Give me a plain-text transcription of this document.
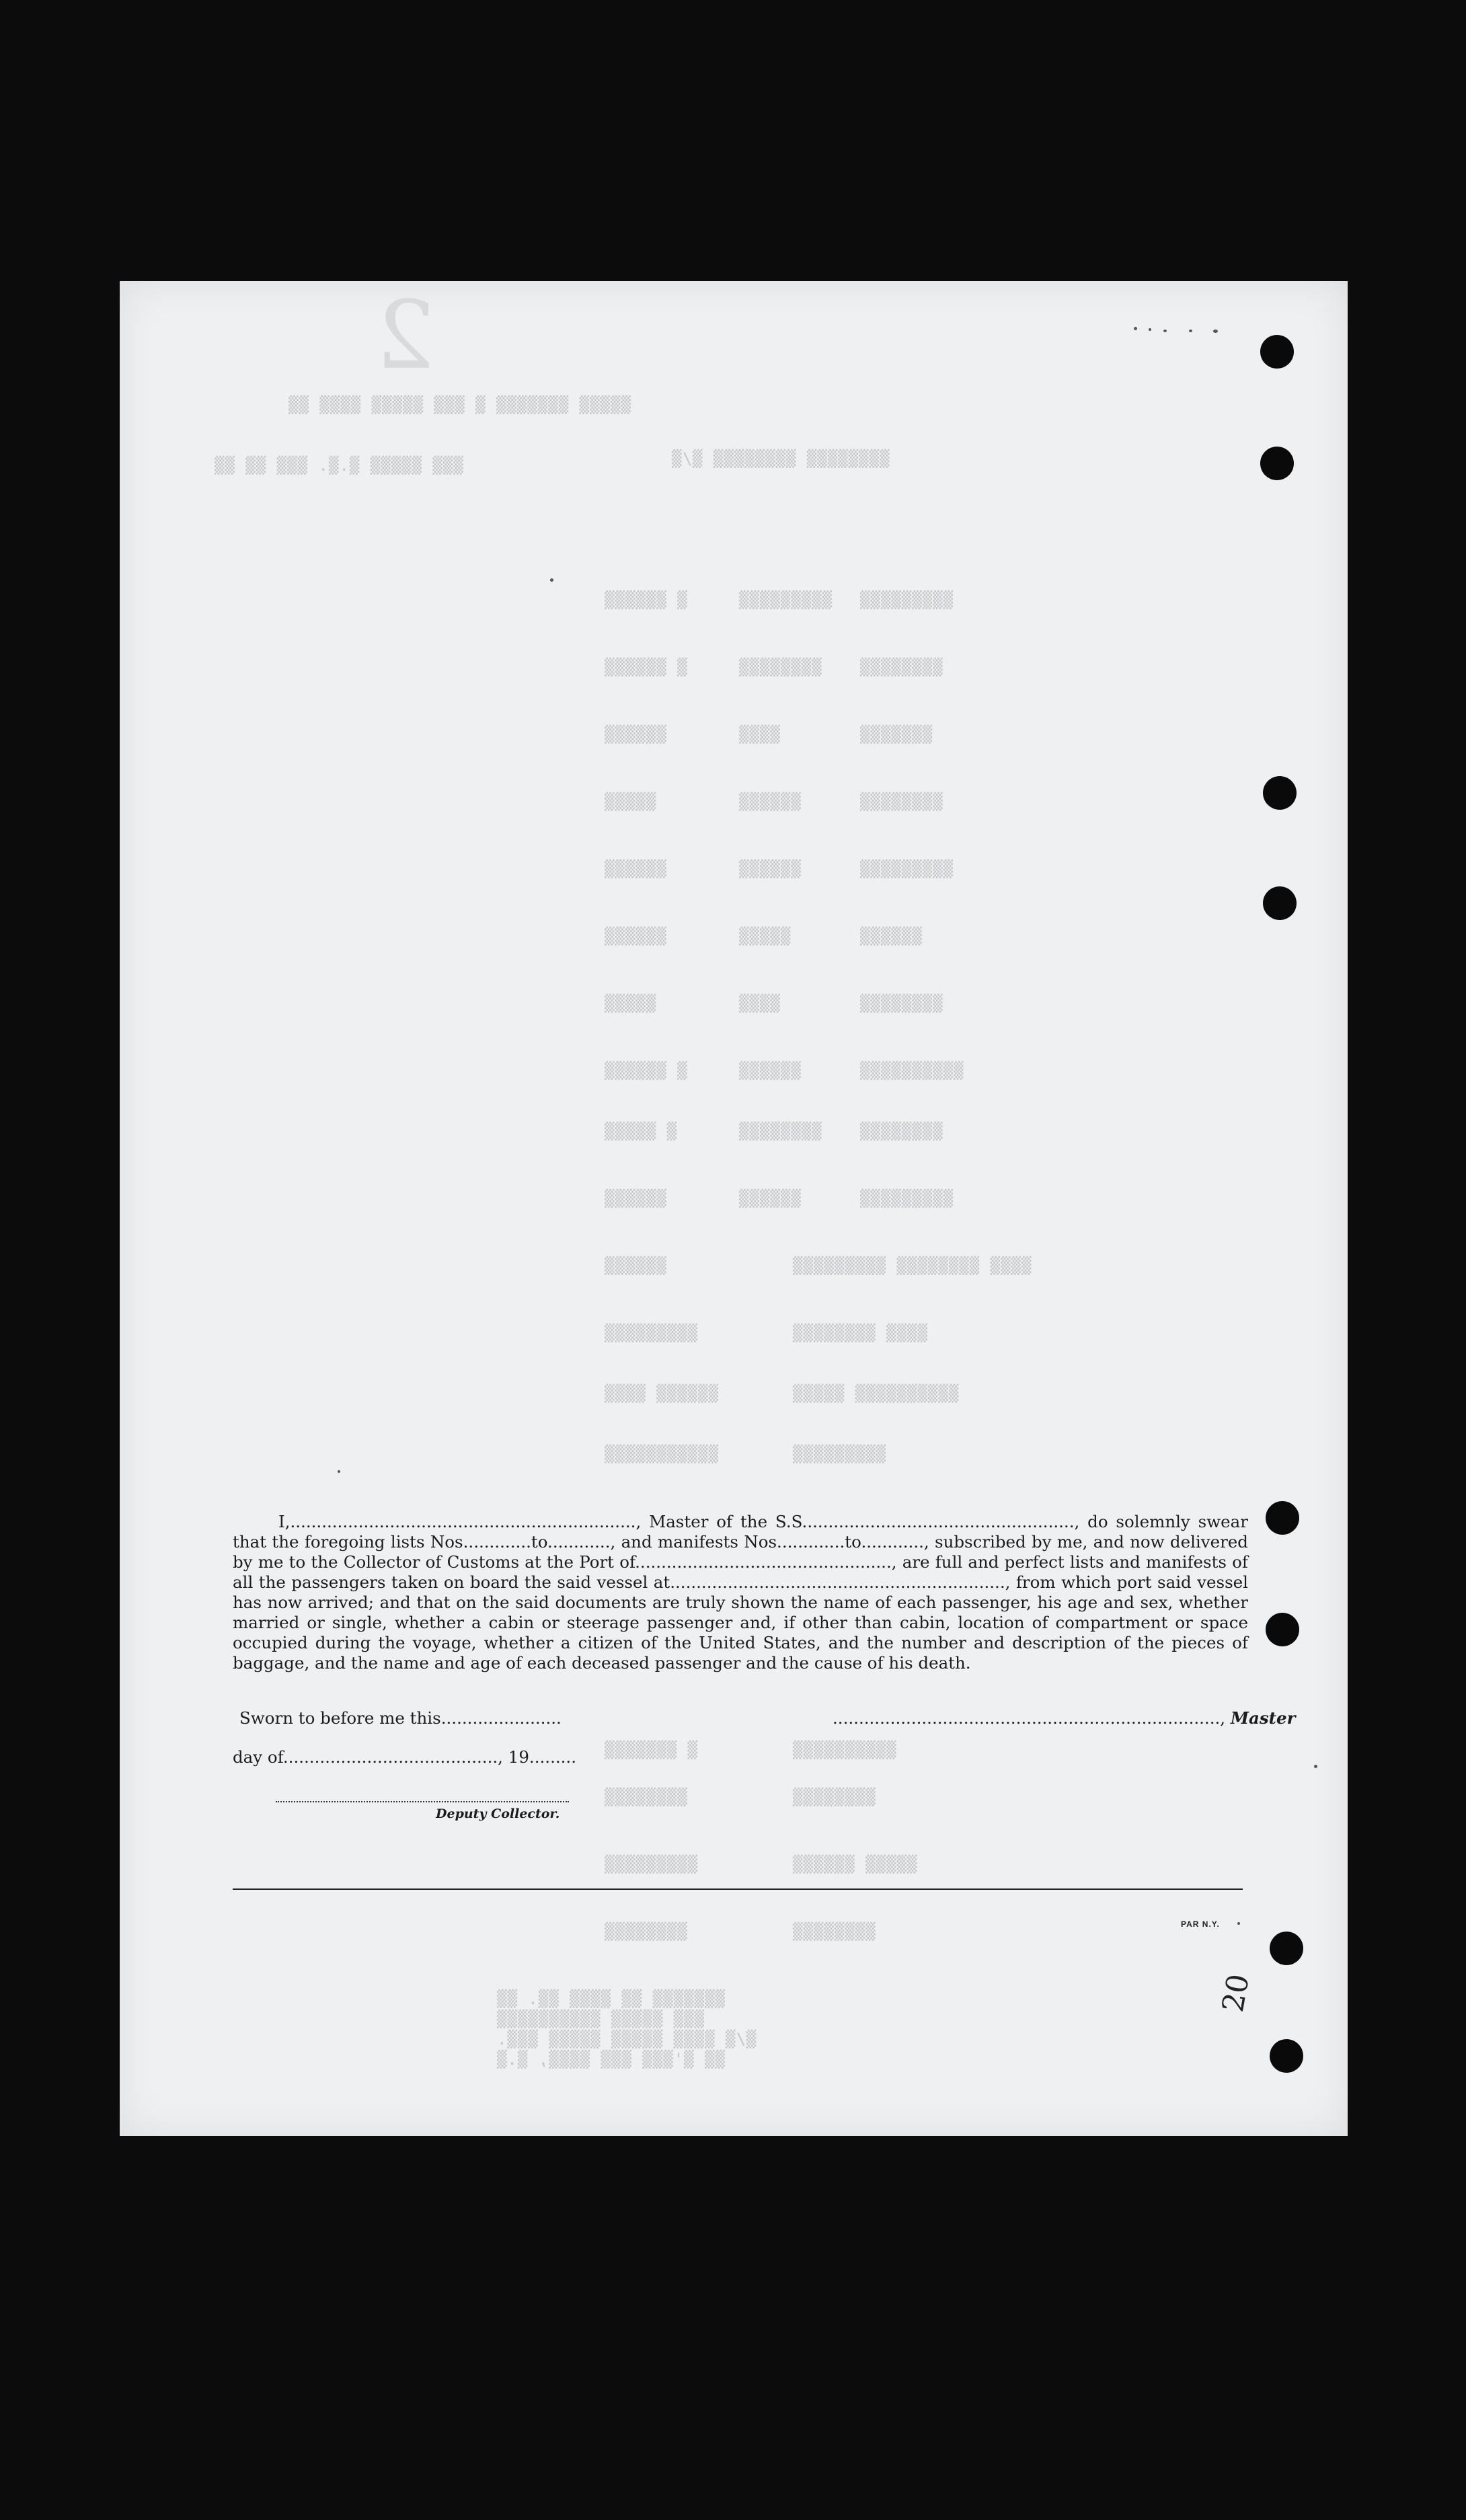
2
▒▒▒▒▒ ▒▒▒▒▒▒▒ ▒ ▒▒▒ ▒▒▒▒▒ ▒▒▒▒ ▒▒
▒▒▒ ▒▒▒▒▒ ▒.▒. ▒▒▒ ▒▒ ▒▒	▒▒▒▒▒▒▒▒ ▒▒▒▒▒▒▒▒ ▒/▒
▒▒▒▒▒▒▒▒▒
▒▒▒▒▒▒▒▒▒
▒ ▒▒▒▒▒▒
▒▒▒▒▒▒▒▒
▒▒▒▒▒▒▒▒
▒ ▒▒▒▒▒▒
▒▒▒▒▒▒▒
▒▒▒▒
▒▒▒▒▒▒
▒▒▒▒▒▒▒▒
▒▒▒▒▒▒
▒▒▒▒▒
▒▒▒▒▒▒▒▒▒
▒▒▒▒▒▒
▒▒▒▒▒▒
▒▒▒▒▒▒
▒▒▒▒▒
▒▒▒▒▒▒
▒▒▒▒▒▒▒▒
▒▒▒▒
▒▒▒▒▒
▒▒▒▒▒▒▒▒▒▒
▒▒▒▒▒▒
▒ ▒▒▒▒▒▒
▒▒▒▒▒▒▒▒
▒▒▒▒▒▒▒▒
▒ ▒▒▒▒▒
▒▒▒▒▒▒▒▒▒
▒▒▒▒▒▒
▒▒▒▒▒▒
▒▒▒▒ ▒▒▒▒▒▒▒▒ ▒▒▒▒▒▒▒▒▒
▒▒▒▒▒▒
▒▒▒▒ ▒▒▒▒▒▒▒▒
▒▒▒▒▒▒▒▒▒
▒▒▒▒▒▒▒▒▒▒ ▒▒▒▒▒
▒▒▒▒▒▒ ▒▒▒▒
▒▒▒▒▒▒▒▒▒
▒▒▒▒▒▒▒▒▒▒▒
▒▒▒▒▒▒▒▒▒▒
▒ ▒▒▒▒▒▒▒
▒▒▒▒▒▒▒▒
▒▒▒▒▒▒▒▒
▒▒▒▒▒ ▒▒▒▒▒▒
▒▒▒▒▒▒▒▒▒
▒▒▒▒▒▒▒▒
▒▒▒▒▒▒▒▒
▒▒▒▒▒▒▒ ▒▒ ▒▒▒▒ ▒▒. ▒▒
▒▒▒ ▒▒▒▒▒ ▒▒▒▒▒▒▒▒▒▒
▒/▒ ▒▒▒▒ ▒▒▒▒▒ ▒▒▒▒▒ ▒▒▒.
▒▒ ▒'▒▒▒ ▒▒▒ ▒▒▒▒, ▒.▒

I,.................................................................., Master of the S.S...................................................., do solemnly swear that the foregoing lists Nos.............to............, and manifests Nos.............to............, subscribed by me, and now delivered by me to the Collector of Customs at the Port of................................................., are full and perfect lists and manifests of all the passengers taken on board the said vessel at................................................................, from which port said vessel has now arrived; and that on the said documents are truly shown the name of each passenger, his age and sex, whether married or single, whether a cabin or steerage passenger and, if other than cabin, location of compartment or space occupied during the voyage, whether a citizen of the United States, and the number and description of the pieces of baggage, and the name and age of each deceased passenger and the cause of his death.

Sworn to before me this.......................	.........................................................................., Master
day of........................................., 19.........
Deputy Collector.
PAR N.Y.
20
